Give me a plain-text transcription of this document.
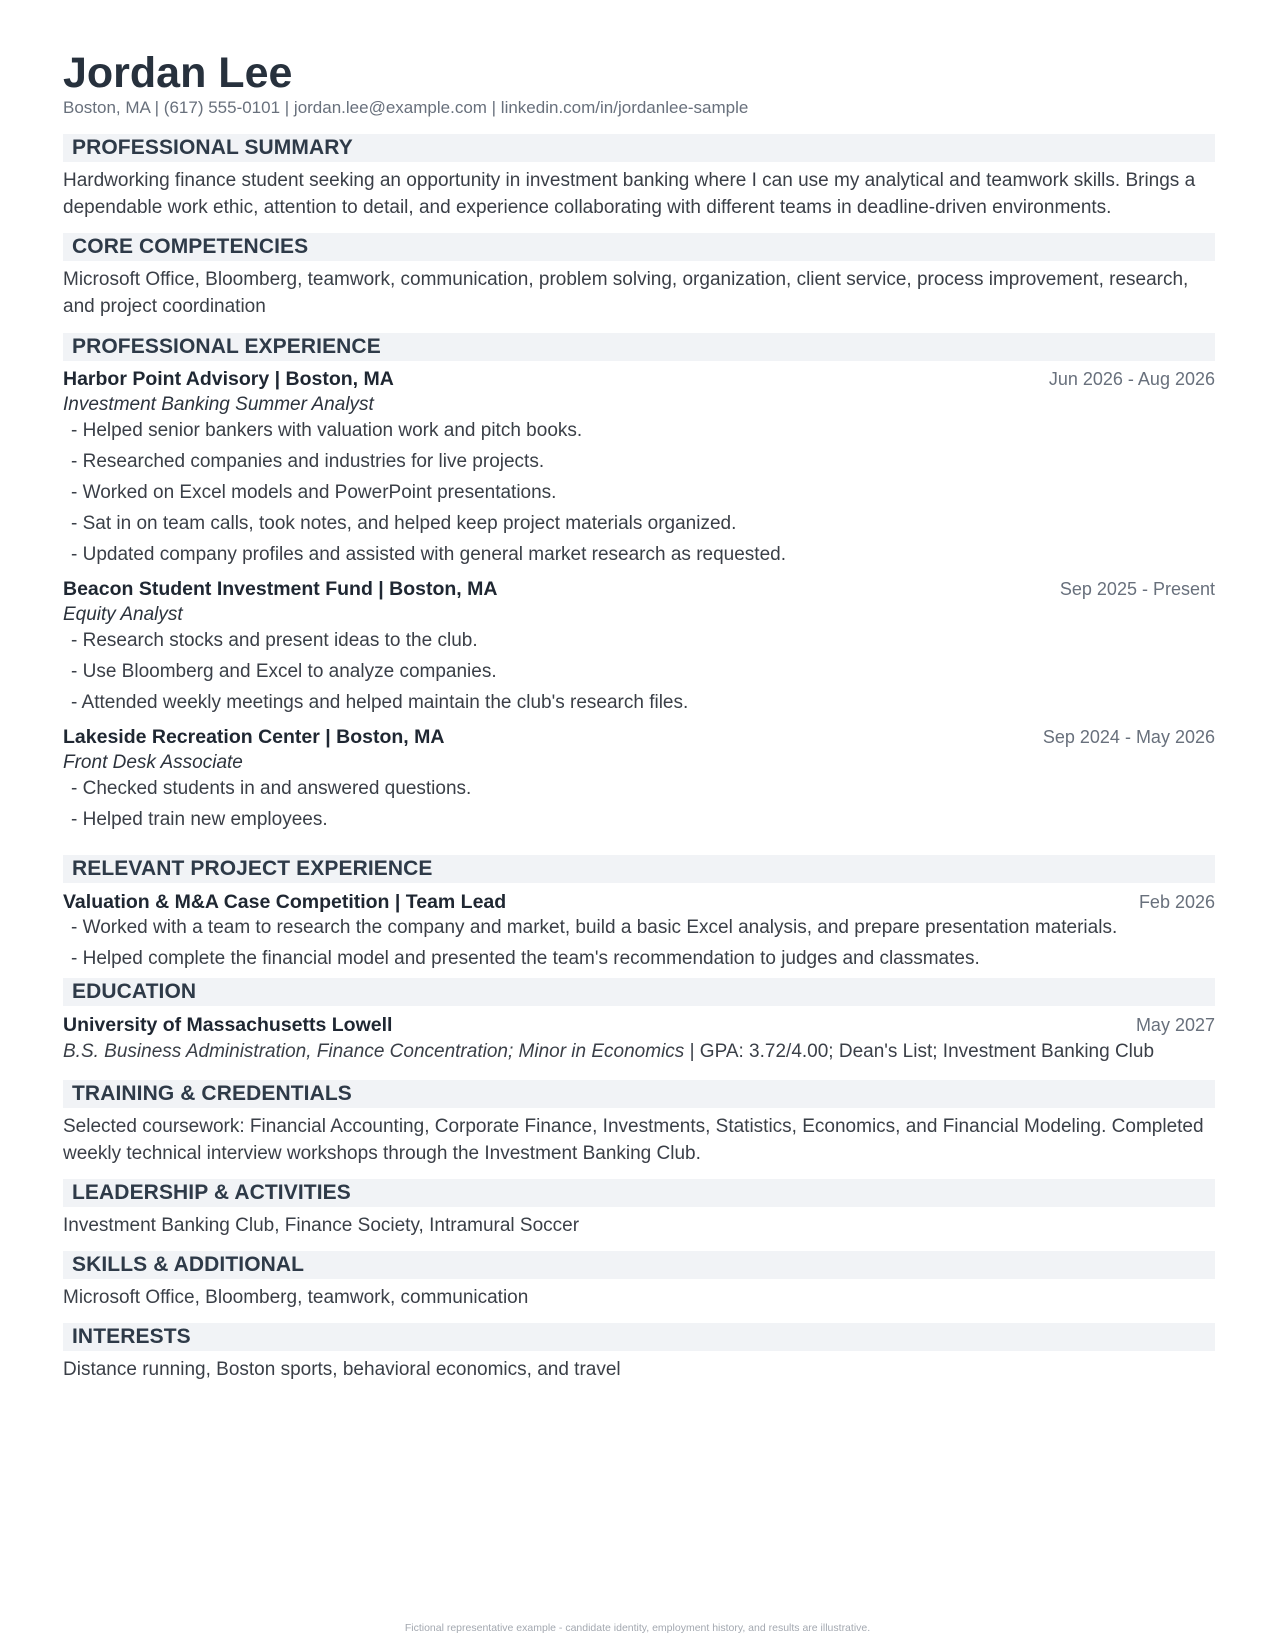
Jordan Lee
Boston, MA | (617) 555-0101 | jordan.lee@example.com | linkedin.com/in/jordanlee-sample
PROFESSIONAL SUMMARY
Hardworking finance student seeking an opportunity in investment banking where I can use my analytical and teamwork skills. Brings a dependable work ethic, attention to detail, and experience collaborating with different teams in deadline-driven environments.
CORE COMPETENCIES
Microsoft Office, Bloomberg, teamwork, communication, problem solving, organization, client service, process improvement, research, and project coordination
PROFESSIONAL EXPERIENCE
Harbor Point Advisory | Boston, MA	Jun 2026 - Aug 2026
Investment Banking Summer Analyst
- Helped senior bankers with valuation work and pitch books.
- Researched companies and industries for live projects.
- Worked on Excel models and PowerPoint presentations.
- Sat in on team calls, took notes, and helped keep project materials organized.
- Updated company profiles and assisted with general market research as requested.
Beacon Student Investment Fund | Boston, MA	Sep 2025 - Present
Equity Analyst
- Research stocks and present ideas to the club.
- Use Bloomberg and Excel to analyze companies.
- Attended weekly meetings and helped maintain the club's research files.
Lakeside Recreation Center | Boston, MA	Sep 2024 - May 2026
Front Desk Associate
- Checked students in and answered questions.
- Helped train new employees.
RELEVANT PROJECT EXPERIENCE
Valuation & M&A Case Competition | Team Lead	Feb 2026
- Worked with a team to research the company and market, build a basic Excel analysis, and prepare presentation materials.
- Helped complete the financial model and presented the team's recommendation to judges and classmates.
EDUCATION
University of Massachusetts Lowell	May 2027
B.S. Business Administration, Finance Concentration; Minor in Economics | GPA: 3.72/4.00; Dean's List; Investment Banking Club
TRAINING & CREDENTIALS
Selected coursework: Financial Accounting, Corporate Finance, Investments, Statistics, Economics, and Financial Modeling. Completed weekly technical interview workshops through the Investment Banking Club.
LEADERSHIP & ACTIVITIES
Investment Banking Club, Finance Society, Intramural Soccer
SKILLS & ADDITIONAL
Microsoft Office, Bloomberg, teamwork, communication
INTERESTS
Distance running, Boston sports, behavioral economics, and travel
Fictional representative example - candidate identity, employment history, and results are illustrative.
